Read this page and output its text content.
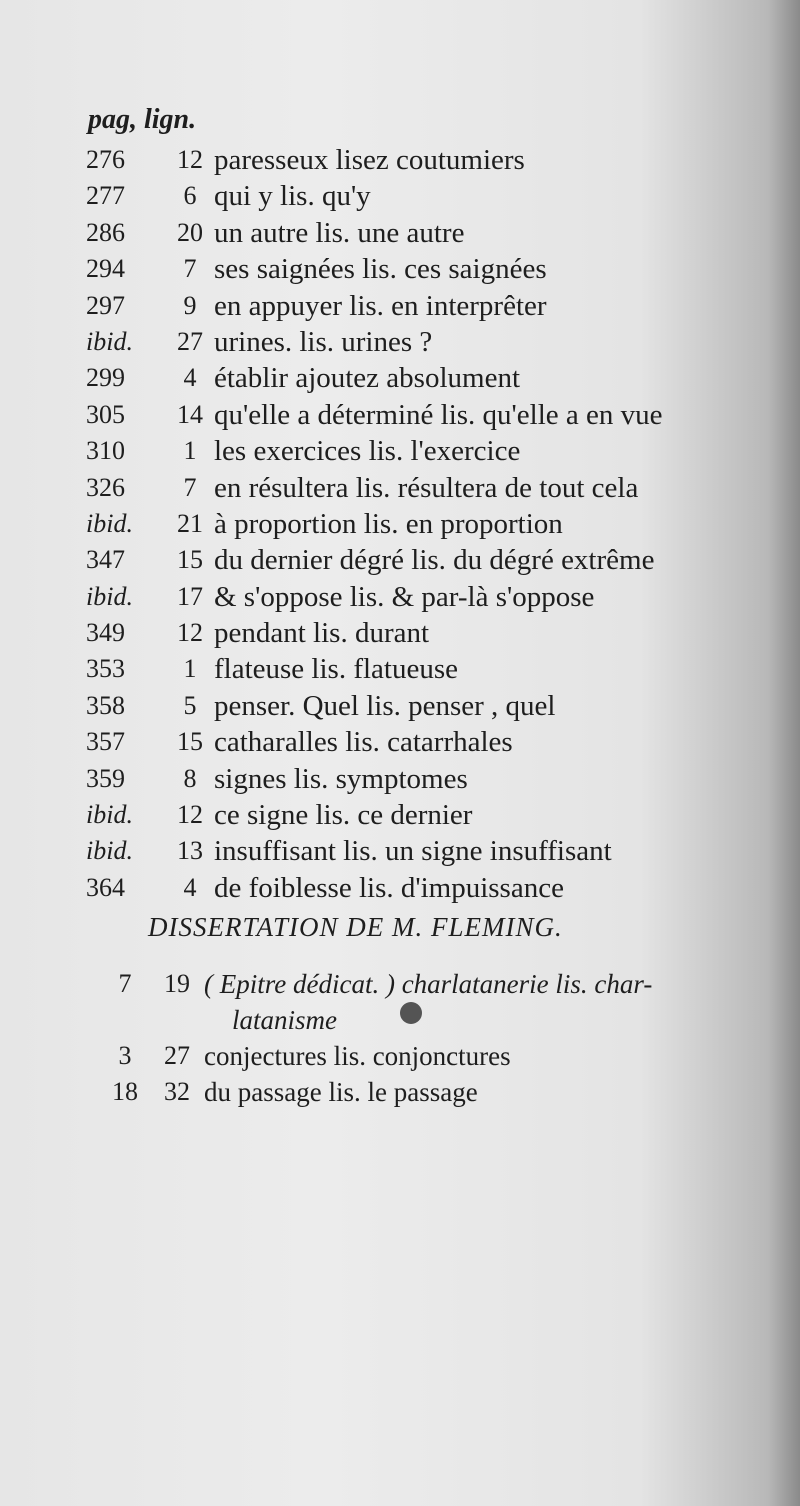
pag, lign.
276	12 paresseux lisez coutumiers
277	6 qui y lis. qu'y
286	20 un autre lis. une autre
294	7 ses saignées lis. ces saignées
297	9 en appuyer lis. en interprêter
ibid.	27 urines. lis. urines ?
299	4 établir ajoutez absolument
305	14 qu'elle a déterminé lis. qu'elle a en vue
310	1 les exercices lis. l'exercice
326	7 en résultera lis. résultera de tout cela
ibid.	21 à proportion lis. en proportion
347	15 du dernier dégré lis. du dégré extrême
ibid.	17 & s'oppose lis. & par-là s'oppose
349	12 pendant lis. durant
353	1 flateuse lis. flatueuse
358	5 penser. Quel lis. penser , quel
357	15 catharalles lis. catarrhales
359	8 signes lis. symptomes
ibid.	12 ce signe lis. ce dernier
ibid.	13 insuffisant lis. un signe insuffisant
364	4 de foiblesse lis. d'impuissance
DISSERTATION DE M. FLEMING.
7	19 ( Epitre dédicat. ) charlatanerie lis. char-
latanisme
3	27 conjectures lis. conjonctures
18	32 du passage lis. le passage
